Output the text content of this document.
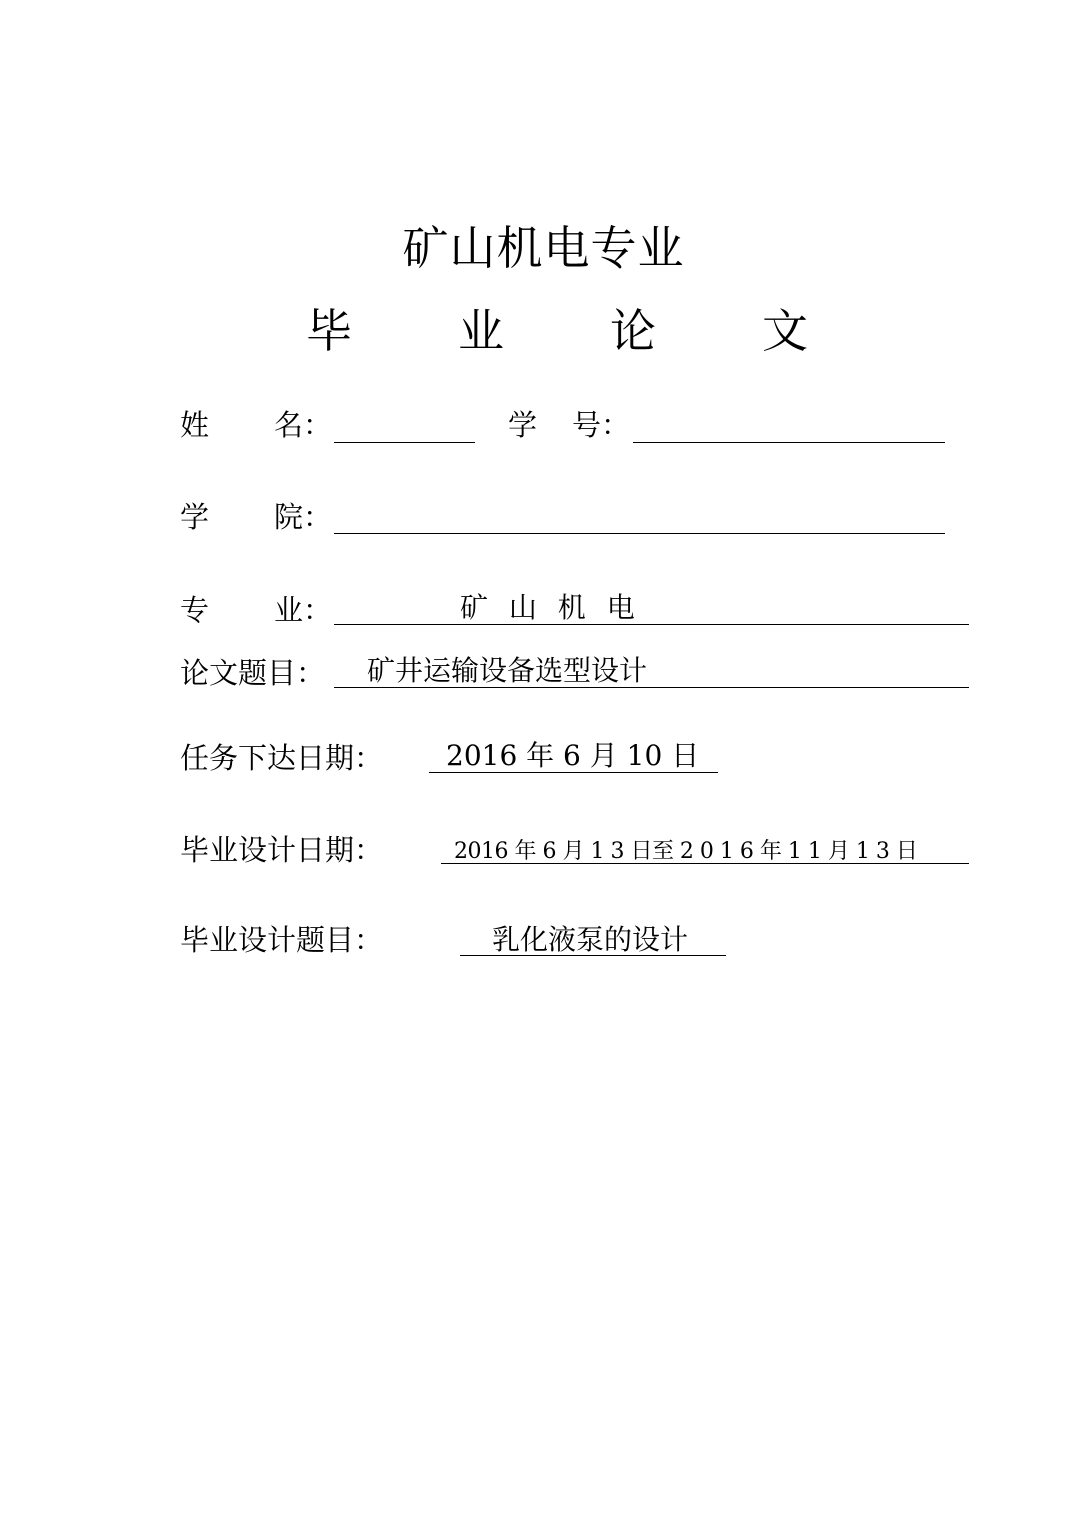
矿山机电专业
毕 业 论 文
姓 名：	学 号：
学 院：
专 业：	矿 山 机 电
论文题目： 矿井运输设备选型设计
任务下达日期： 2016 年 6 月 10 日
毕业设计日期：	2016 年 6 月 1 3 日至 2 0 1 6 年 1 1 月 1 3 日
毕业设计题目：	乳化液泵的设计
